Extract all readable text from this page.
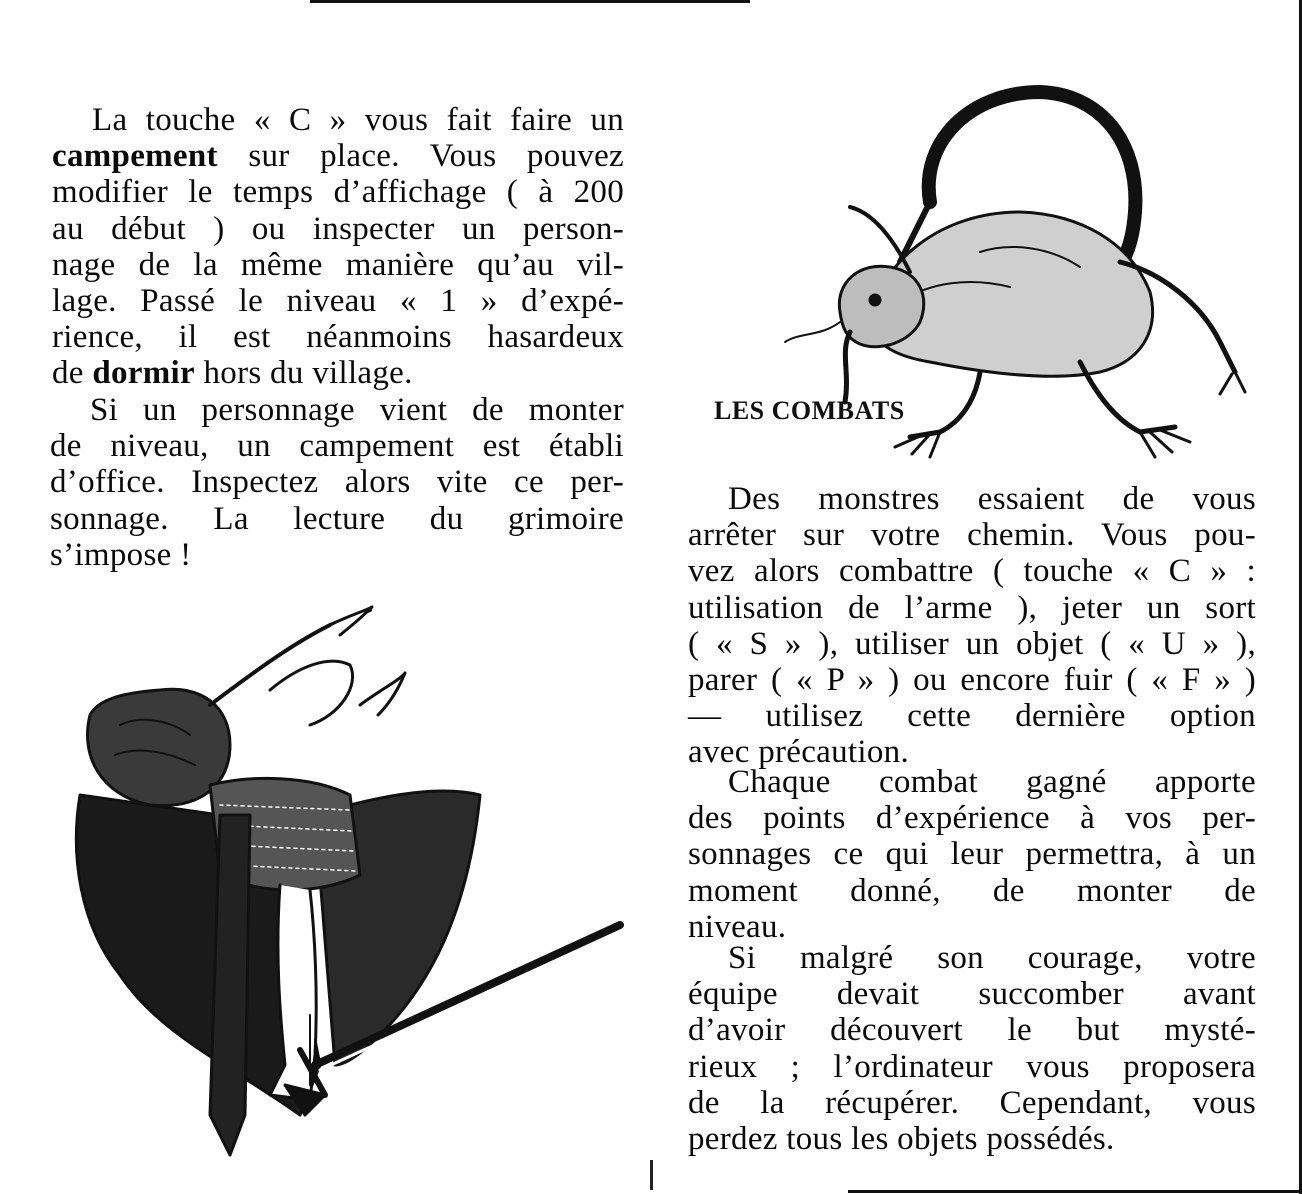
La touche « C » vous fait faire un
campement sur place. Vous pouvez
modifier le temps d’affichage ( à 200
au début ) ou inspecter un person-
nage de la même manière qu’au vil-
lage. Passé le niveau « 1 » d’expé-
rience, il est néanmoins hasardeux
de dormir hors du village.
Si un personnage vient de monter
de niveau, un campement est établi
d’office. Inspectez alors vite ce per-
sonnage. La lecture du grimoire
s’impose !
LES COMBATS
Des monstres essaient de vous
arrêter sur votre chemin. Vous pou-
vez alors combattre ( touche « C » :
utilisation de l’arme ), jeter un sort
( « S » ), utiliser un objet ( « U » ),
parer ( « P » ) ou encore fuir ( « F » )
— utilisez cette dernière option
avec précaution.
Chaque combat gagné apporte
des points d’expérience à vos per-
sonnages ce qui leur permettra, à un
moment donné, de monter de
niveau.
Si malgré son courage, votre
équipe devait succomber avant
d’avoir découvert le but mysté-
rieux ; l’ordinateur vous proposera
de la récupérer. Cependant, vous
perdez tous les objets possédés.
